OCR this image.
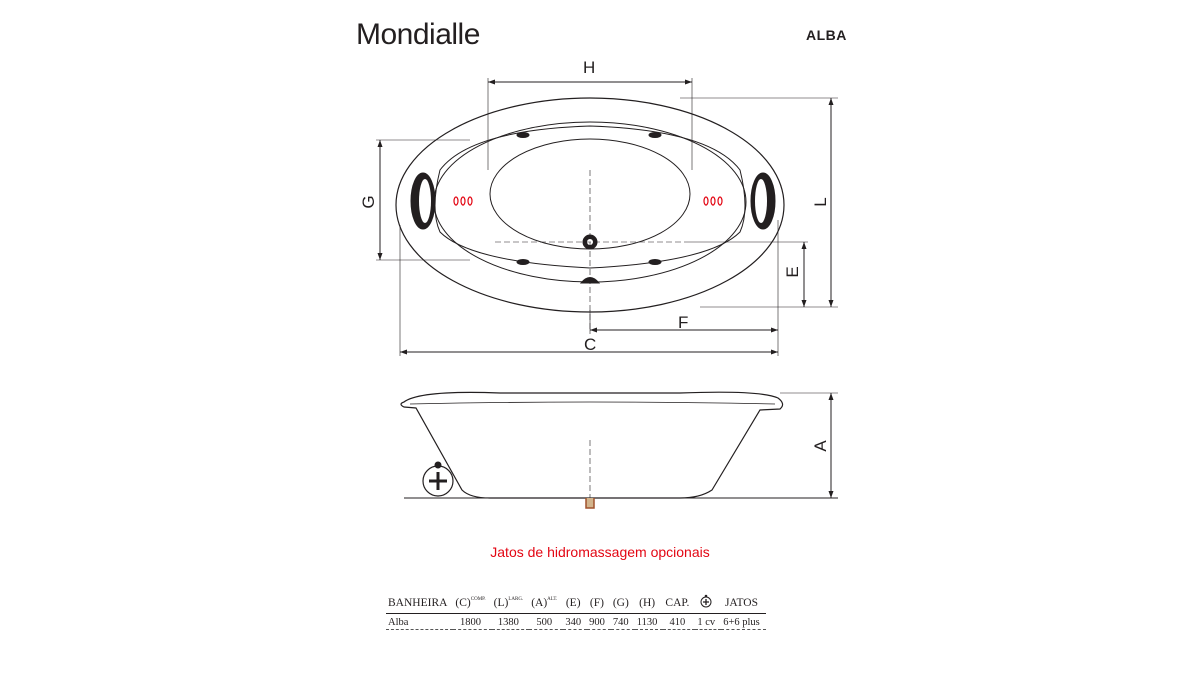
Mondialle	ALBA
H
G	L
E
F
C
A
Jatos de hidromassagem opcionais
BANHEIRA	$(C)^{COMP.}$	$(L)^{LARG.}$	$(A)^{ALT.}$	(E)	(F)	(G)	(H)	CAP.		JATOS
Alba	1800	1380	500	340	900	740	1130	410	1 cv	6+6 plus
